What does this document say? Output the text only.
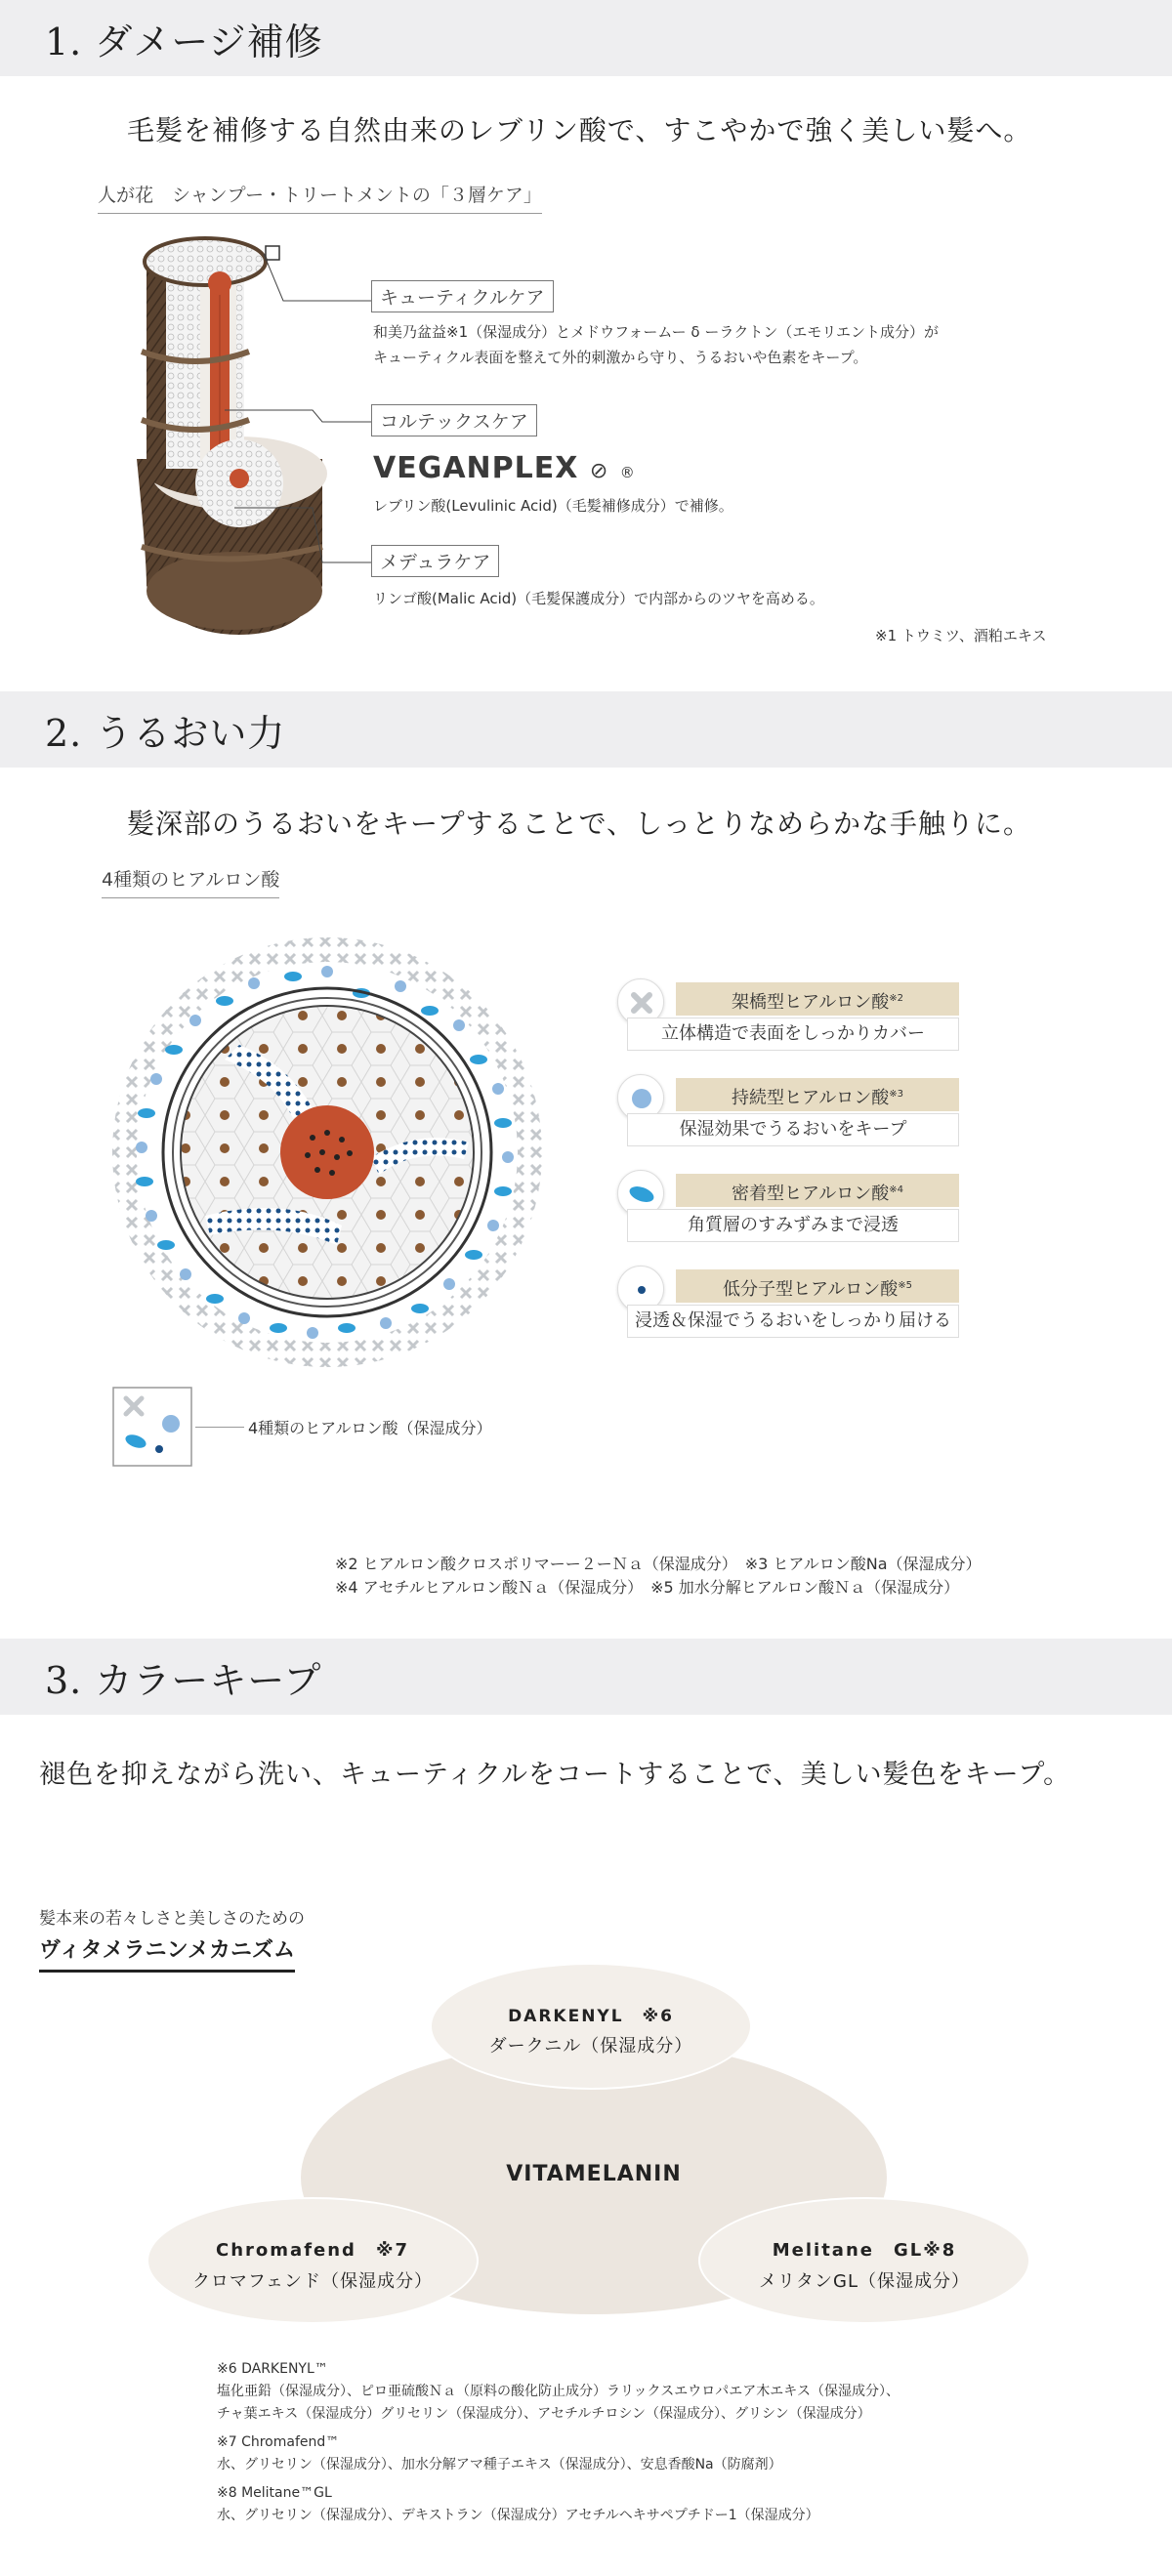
1. ダメージ補修
毛髪を補修する自然由来のレブリン酸で、すこやかで強く美しい髪へ。
人が花　シャンプー・トリートメントの「３層ケア」
キューティクルケア
和美乃盆益※1（保湿成分）とメドウフォームー δ ーラクトン（エモリエント成分）が
キューティクル表面を整えて外的刺激から守り、うるおいや色素をキープ。
コルテックスケア
VEGANPLEX ⊘ ®
レブリン酸(Levulinic Acid)（毛髪補修成分）で補修。
メデュラケア
リンゴ酸(Malic Acid)（毛髪保護成分）で内部からのツヤを高める。
※1 トウミツ、酒粕エキス
2. うるおい力
髪深部のうるおいをキープすることで、しっとりなめらかな手触りに。
4種類のヒアルロン酸
架橋型ヒアルロン酸$^{※2}$
立体構造で表面をしっかりカバー
持続型ヒアルロン酸$^{※3}$
保湿効果でうるおいをキープ
密着型ヒアルロン酸$^{※4}$
角質層のすみずみまで浸透
低分子型ヒアルロン酸$^{※5}$
浸透＆保湿でうるおいをしっかり届ける
4種類のヒアルロン酸（保湿成分）
※2 ヒアルロン酸クロスポリマーー２ーＮａ（保湿成分）　※3 ヒアルロン酸Na（保湿成分）
※4 アセチルヒアルロン酸Ｎａ（保湿成分）　※5 加水分解ヒアルロン酸Ｎａ（保湿成分）
3. カラーキープ
褪色を抑えながら洗い、キューティクルをコートすることで、美しい髪色をキープ。
髪本来の若々しさと美しさのための
ヴィタメラニンメカニズム
VITAMELANIN
DARKENYL　※6
ダークニル（保湿成分）
Chromafend　※7
クロマフェンド（保湿成分）
Melitane　GL※8
メリタンGL（保湿成分）
※6 DARKENYL™
塩化亜鉛（保湿成分）、ピロ亜硫酸Ｎａ（原料の酸化防止成分）ラリックスエウロパエア木エキス（保湿成分）、
チャ葉エキス（保湿成分）グリセリン（保湿成分）、アセチルチロシン（保湿成分）、グリシン（保湿成分）
※7 Chromafend™
水、グリセリン（保湿成分）、加水分解アマ種子エキス（保湿成分）、安息香酸Na（防腐剤）
※8 Melitane™GL
水、グリセリン（保湿成分）、デキストラン（保湿成分）アセチルヘキサペプチドー1（保湿成分）
